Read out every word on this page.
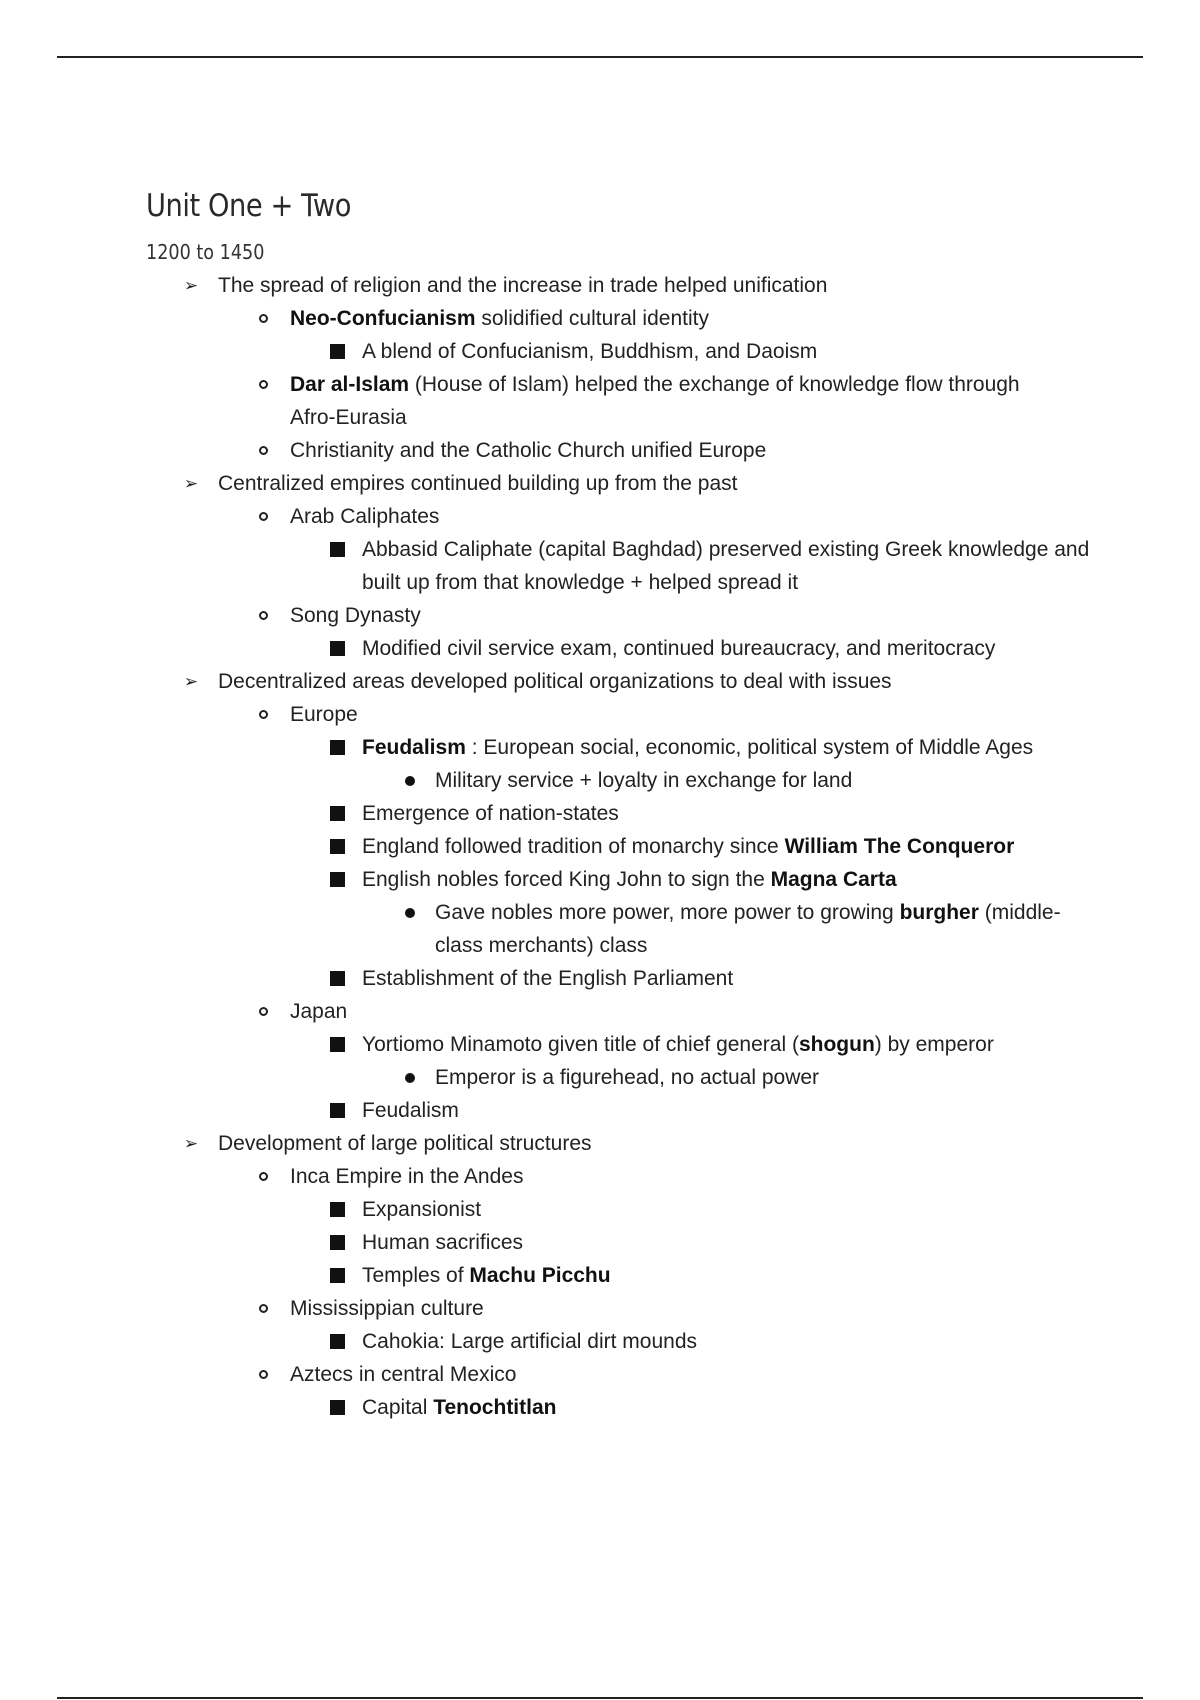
Unit One + Two
1200 to 1450
➢ The spread of religion and the increase in trade helped unification
Neo-Confucianism solidified cultural identity
A blend of Confucianism, Buddhism, and Daoism
Dar al-Islam (House of Islam) helped the exchange of knowledge flow through Afro-Eurasia
Christianity and the Catholic Church unified Europe
➢ Centralized empires continued building up from the past
Arab Caliphates
Abbasid Caliphate (capital Baghdad) preserved existing Greek knowledge and built up from that knowledge + helped spread it
Song Dynasty
Modified civil service exam, continued bureaucracy, and meritocracy
➢ Decentralized areas developed political organizations to deal with issues
Europe
Feudalism : European social, economic, political system of Middle Ages
Military service + loyalty in exchange for land
Emergence of nation-states
England followed tradition of monarchy since William The Conqueror
English nobles forced King John to sign the Magna Carta
Gave nobles more power, more power to growing burgher (middle-class merchants) class
Establishment of the English Parliament
Japan
Yortiomo Minamoto given title of chief general (shogun) by emperor
Emperor is a figurehead, no actual power
Feudalism
➢ Development of large political structures
Inca Empire in the Andes
Expansionist
Human sacrifices
Temples of Machu Picchu
Mississippian culture
Cahokia: Large artificial dirt mounds
Aztecs in central Mexico
Capital Tenochtitlan
